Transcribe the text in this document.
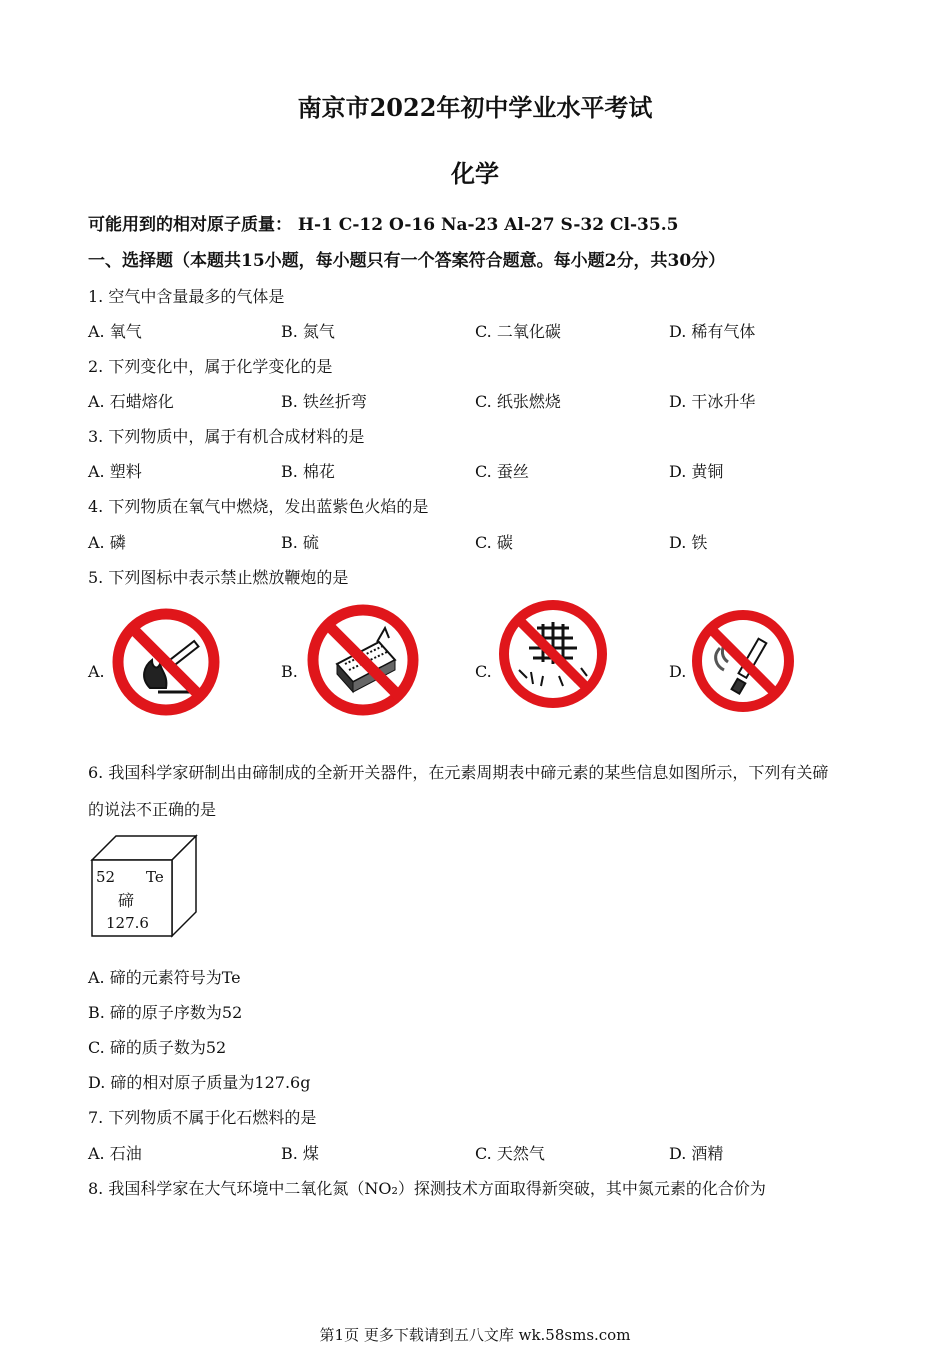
南京市2022年初中学业水平考试
化学
可能用到的相对原子质量： H-1 C-12 O-16 Na-23 Al-27 S-32 Cl-35.5
一、选择题（本题共15小题，每小题只有一个答案符合题意。每小题2分，共30分）
1. 空气中含量最多的气体是
A. 氧气	B. 氮气	C. 二氧化碳	D. 稀有气体
2. 下列变化中，属于化学变化的是
A. 石蜡熔化	B. 铁丝折弯	C. 纸张燃烧	D. 干冰升华
3. 下列物质中，属于有机合成材料的是
A. 塑料	B. 棉花	C. 蚕丝	D. 黄铜
4. 下列物质在氧气中燃烧，发出蓝紫色火焰的是
A. 磷	B. 硫	C. 碳	D. 铁
5. 下列图标中表示禁止燃放鞭炮的是
A.	B.	C.	D.
6. 我国科学家研制出由碲制成的全新开关器件，在元素周期表中碲元素的某些信息如图所示，下列有关碲
的说法不正确的是
52 Te
碲
127.6
A. 碲的元素符号为Te
B. 碲的原子序数为52
C. 碲的质子数为52
D. 碲的相对原子质量为127.6g
7. 下列物质不属于化石燃料的是
A. 石油	B. 煤	C. 天然气	D. 酒精
8. 我国科学家在大气环境中二氧化氮（NO₂）探测技术方面取得新突破，其中氮元素的化合价为
第1页 更多下载请到五八文库 wk.58sms.com
